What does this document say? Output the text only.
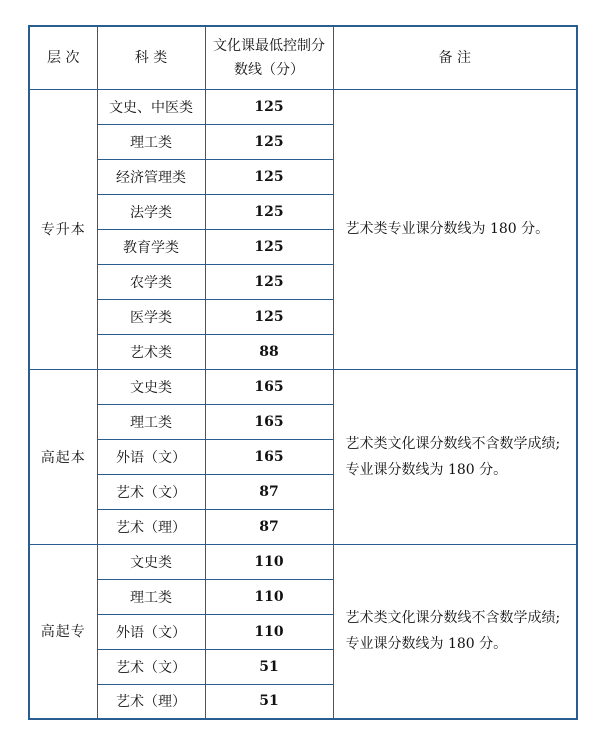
层 次	科 类	文化课最低控制分
数线（分）	备 注
专升本	文史、中医类	125	艺术类专业课分数线为 180 分。

	理工类	125	
	经济管理类	125	
	法学类	125	
	教育学类	125	
	农学类	125	
	医学类	125	
	艺术类	88	
高起本	文史类	165	艺术类文化课分数线不含数学成绩;
专业课分数线为 180 分。

	理工类	165	
	外语（文）	165	
	艺术（文）	87	
	艺术（理）	87	
高起专	文史类	110	艺术类文化课分数线不含数学成绩;
专业课分数线为 180 分。

	理工类	110	
	外语（文）	110	
	艺术（文）	51	
	艺术（理）	51	
